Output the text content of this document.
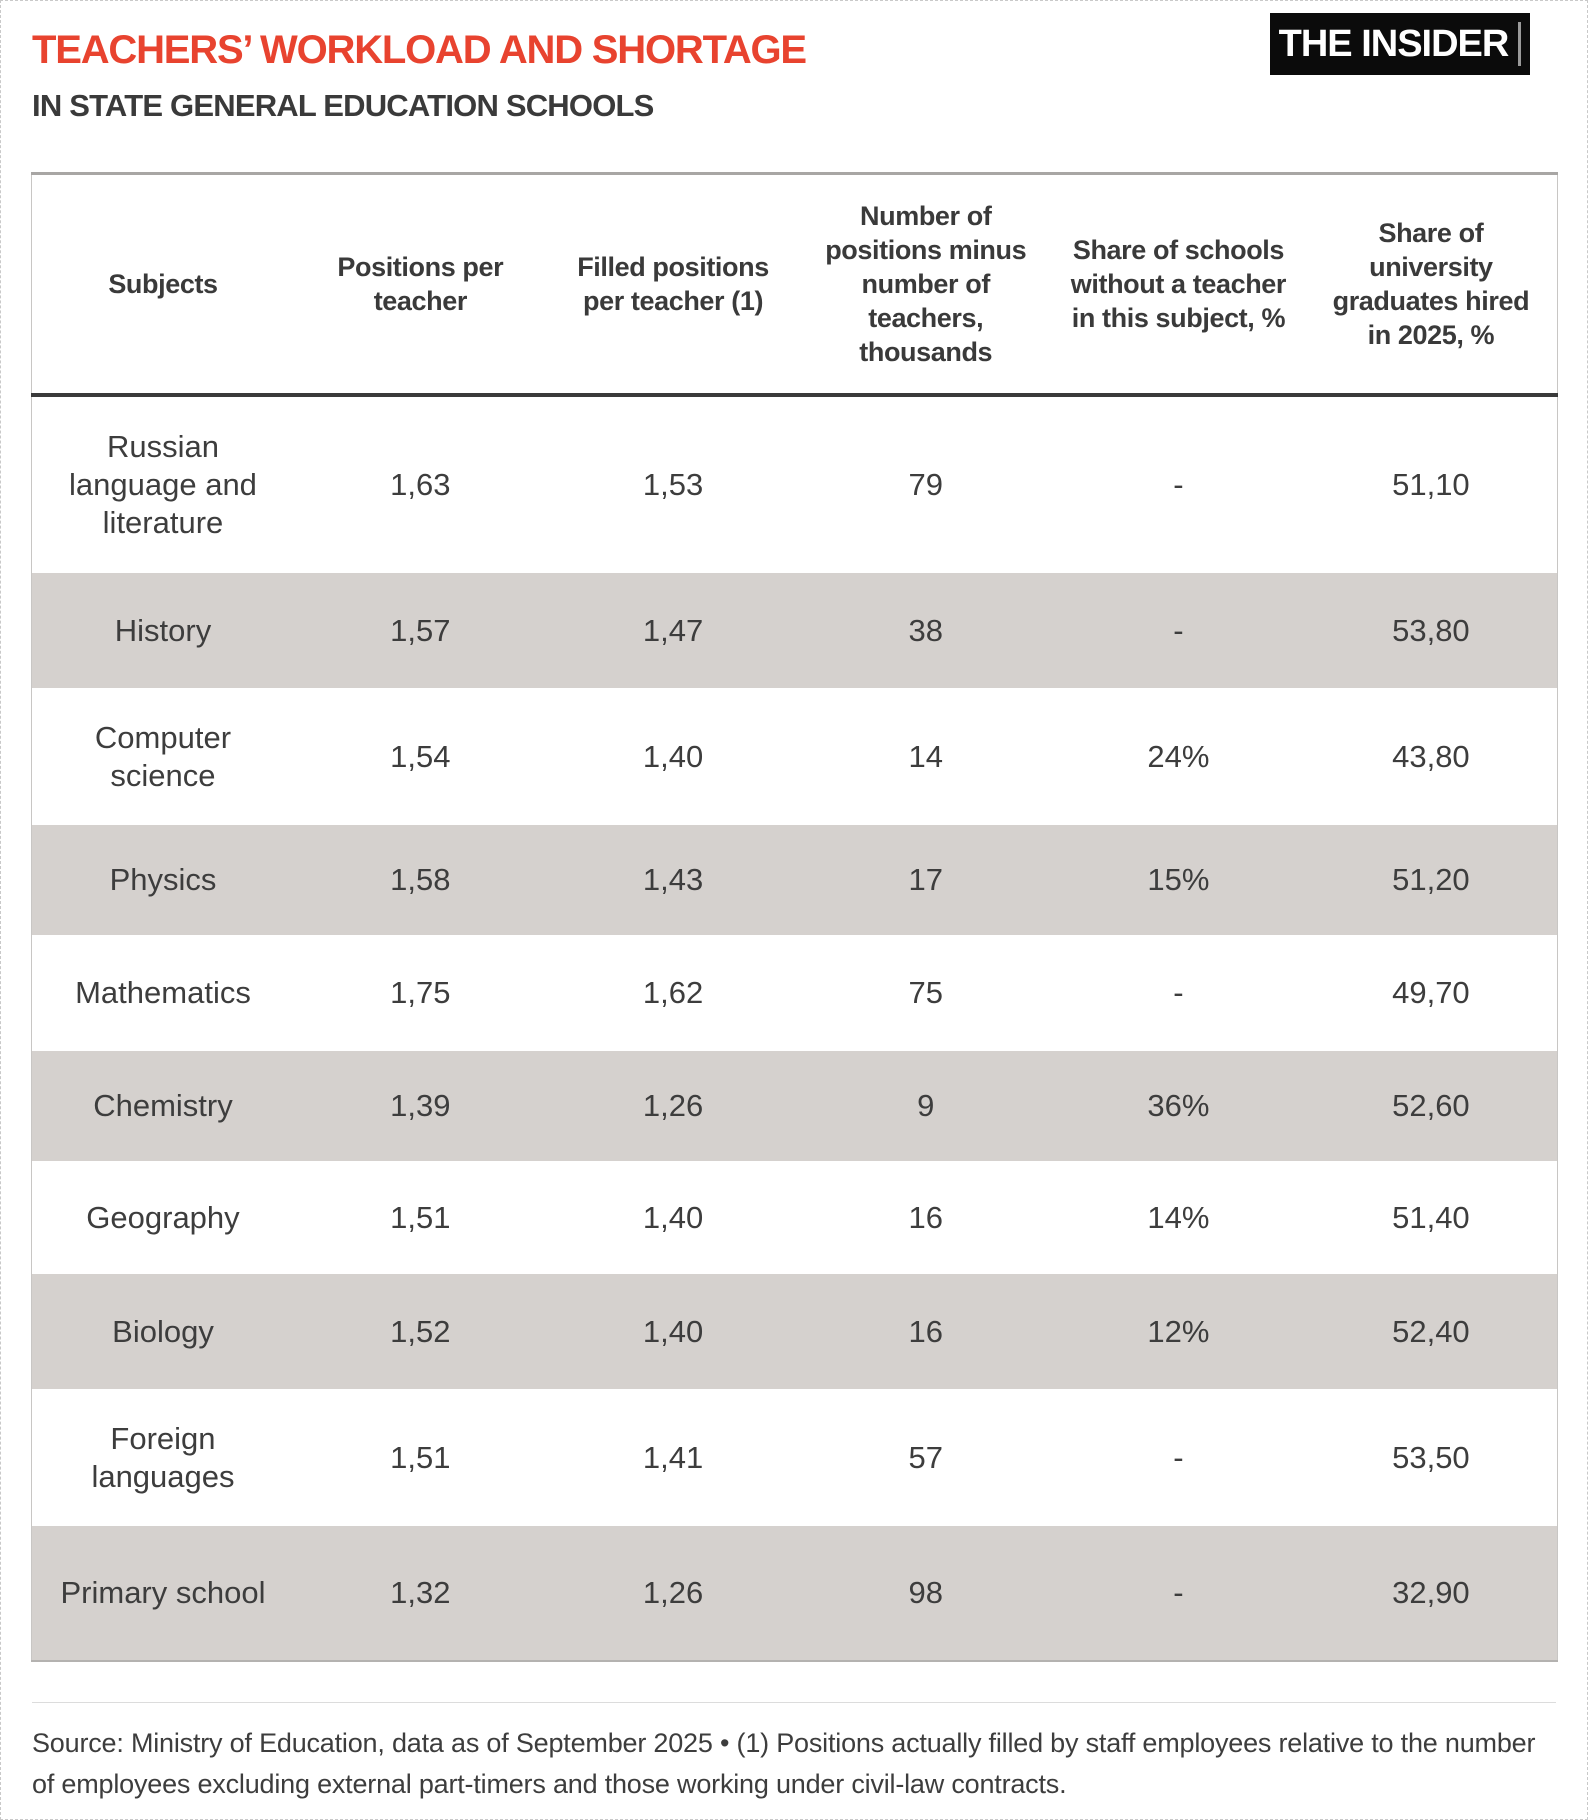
TEACHERS’ WORKLOAD AND SHORTAGE
IN STATE GENERAL EDUCATION SCHOOLS
THE INSIDER
Subjects	Positions per teacher	Filled positions per teacher (1)	Number of positions minus number of teachers, thousands	Share of schools without a teacher in this subject, %	Share of university graduates hired in 2025, %
Russian language and literature	1,63	1,53	79	-	51,10
History	1,57	1,47	38	-	53,80
Computer science	1,54	1,40	14	24%	43,80
Physics	1,58	1,43	17	15%	51,20
Mathematics	1,75	1,62	75	-	49,70
Chemistry	1,39	1,26	9	36%	52,60
Geography	1,51	1,40	16	14%	51,40
Biology	1,52	1,40	16	12%	52,40
Foreign languages	1,51	1,41	57	-	53,50
Primary school	1,32	1,26	98	-	32,90

Source: Ministry of Education, data as of September 2025 • (1) Positions actually filled by staff employees relative to the number of employees excluding external part-timers and those working under civil-law contracts.
